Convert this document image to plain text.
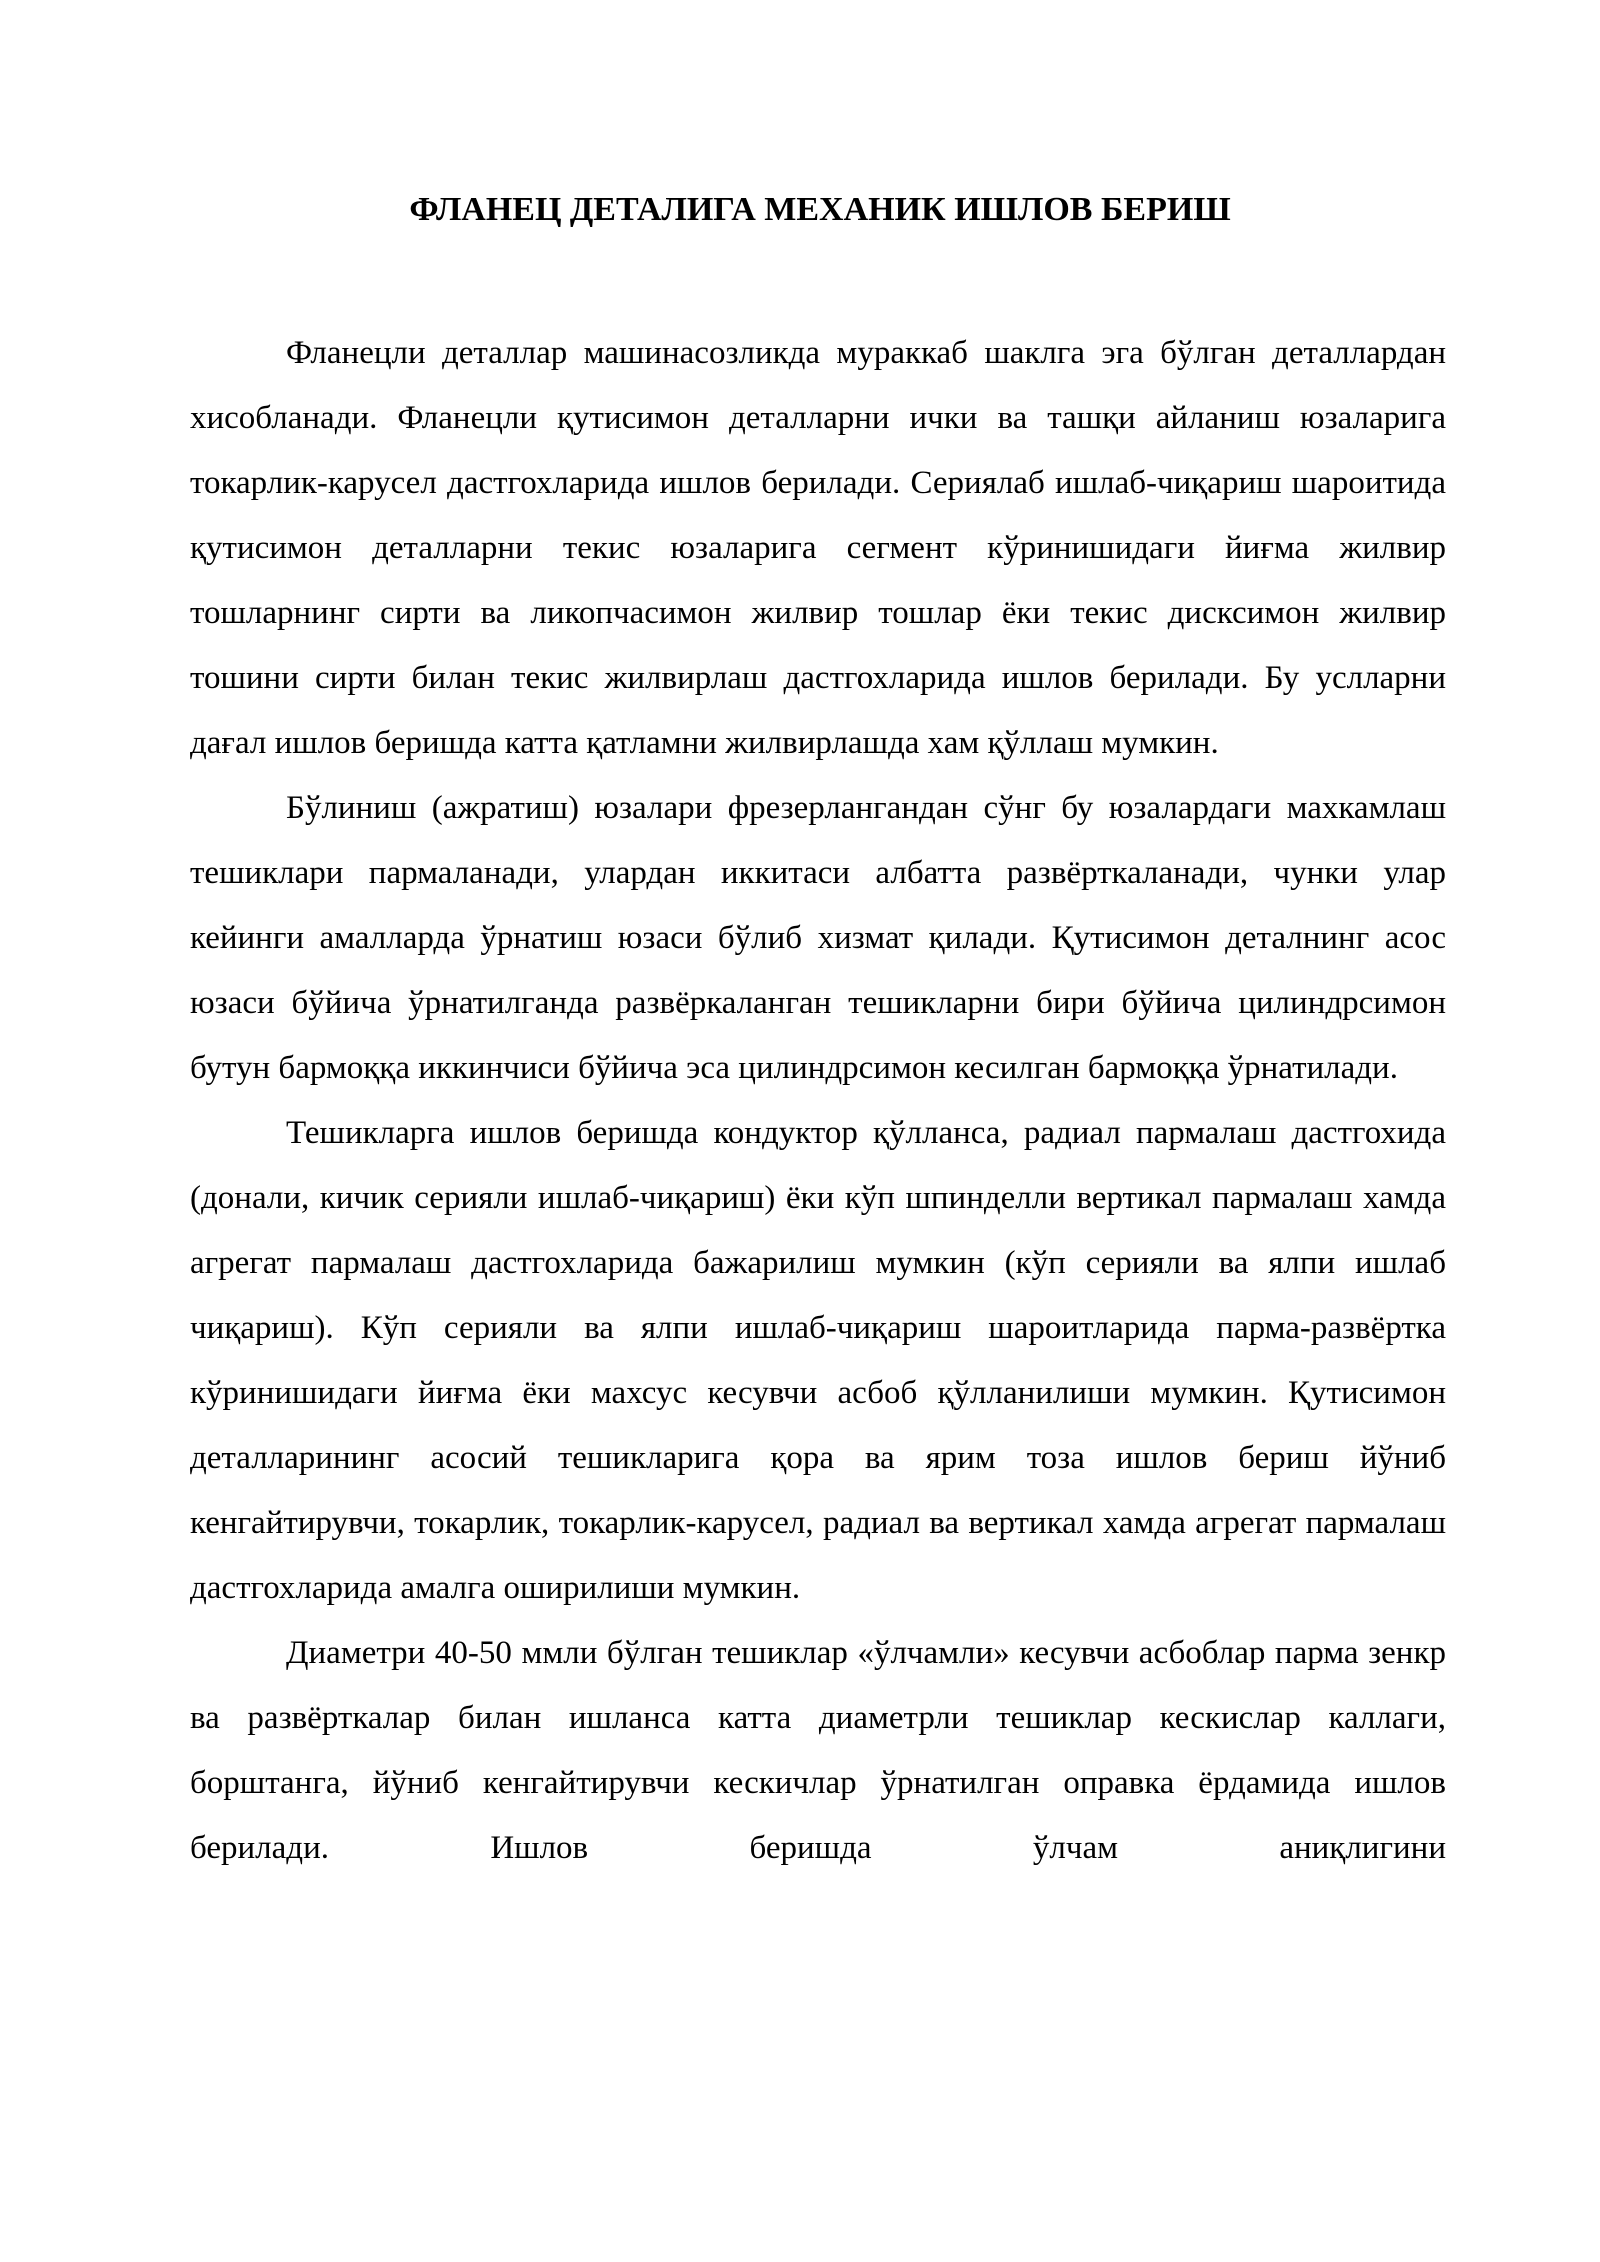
ФЛАНЕЦ ДЕТАЛИГА МЕХАНИК ИШЛОВ БЕРИШ

Фланецли деталлар машинасозликда мураккаб шаклга эга бўлган деталлардан хисобланади. Фланецли қутисимон деталларни ички ва ташқи айланиш юзаларига токарлик-карусел дастгохларида ишлов берилади. Сериялаб ишлаб-чиқариш шароитида қутисимон деталларни текис юзаларига сегмент кўринишидаги йиғма жилвир тошларнинг сирти ва ликопчасимон жилвир тошлар ёки текис дисксимон жилвир тошини сирти билан текис жилвирлаш дастгохларида ишлов берилади. Бу уcлларни дағал ишлов беришда катта қатламни жилвирлашда хам қўллаш мумкин.

Бўлиниш (ажратиш) юзалари фрезерлангандан сўнг бу юзалардаги махкамлаш тешиклари пармаланади, улардан иккитаси албатта развёрткаланади, чунки улар кейинги амалларда ўрнатиш юзаси бўлиб хизмат қилади. Қутисимон деталнинг асос юзаси бўйича ўрнатилганда развёркаланган тешикларни бири бўйича цилиндрсимон бутун бармоққа иккинчиси бўйича эса цилиндрсимон кесилган бармоққа ўрнатилади.

Тешикларга ишлов беришда кондуктор қўлланса, радиал пармалаш дастгохида (донали, кичик серияли ишлаб-чиқариш) ёки кўп шпинделли вертикал пармалаш хамда агрегат пармалаш дастгохларида бажарилиш мумкин (кўп серияли ва ялпи ишлаб чиқариш). Кўп серияли ва ялпи ишлаб-чиқариш шароитларида парма-развёртка кўринишидаги йиғма ёки махсус кесувчи асбоб қўлланилиши мумкин. Қутисимон деталларининг асосий тешикларига қора ва ярим тоза ишлов бериш йўниб кенгайтирувчи, токарлик, токарлик-карусел, радиал ва вертикал хамда агрегат пармалаш дастгохларида амалга оширилиши мумкин.

Диаметри 40-50 ммли бўлган тешиклар «ўлчамли» кесувчи асбоблар парма зенкр ва развёрткалар билан ишланса катта диаметрли тешиклар кескислар каллаги, борштанга, йўниб кенгайтирувчи кескичлар ўрнатилган оправка ёрдамида ишлов берилади. Ишлов беришда ўлчам аниқлигини
